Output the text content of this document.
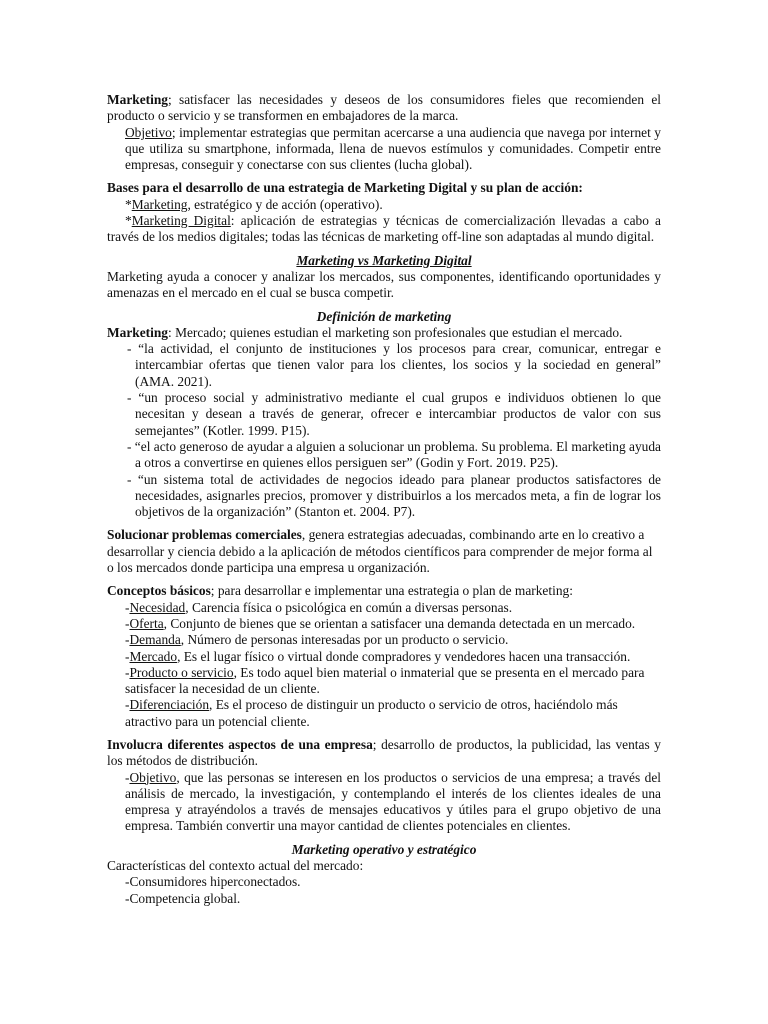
Marketing; satisfacer las necesidades y deseos de los consumidores fieles que recomienden el producto o servicio y se transformen en embajadores de la marca.

Objetivo; implementar estrategias que permitan acercarse a una audiencia que navega por internet y que utiliza su smartphone, informada, llena de nuevos estímulos y comunidades. Competir entre empresas, conseguir y conectarse con sus clientes (lucha global).

Bases para el desarrollo de una estrategia de Marketing Digital y su plan de acción:

*Marketing, estratégico y de acción (operativo).

*Marketing Digital: aplicación de estrategias y técnicas de comercialización llevadas a cabo a través de los medios digitales; todas las técnicas de marketing off-line son adaptadas al mundo digital.

Marketing vs Marketing Digital

Marketing ayuda a conocer y analizar los mercados, sus componentes, identificando oportunidades y amenazas en el mercado en el cual se busca competir.

Definición de marketing

Marketing: Mercado; quienes estudian el marketing son profesionales que estudian el mercado.

- “la actividad, el conjunto de instituciones y los procesos para crear, comunicar, entregar e intercambiar ofertas que tienen valor para los clientes, los socios y la sociedad en general” (AMA. 2021).

- “un proceso social y administrativo mediante el cual grupos e individuos obtienen lo que necesitan y desean a través de generar, ofrecer e intercambiar productos de valor con sus semejantes” (Kotler. 1999. P15).

- “el acto generoso de ayudar a alguien a solucionar un problema. Su problema. El marketing ayuda a otros a convertirse en quienes ellos persiguen ser” (Godin y Fort. 2019. P25).

- “un sistema total de actividades de negocios ideado para planear productos satisfactores de necesidades, asignarles precios, promover y distribuirlos a los mercados meta, a fin de lograr los objetivos de la organización” (Stanton et. 2004. P7).

Solucionar problemas comerciales, genera estrategias adecuadas, combinando arte en lo creativo a desarrollar y ciencia debido a la aplicación de métodos científicos para comprender de mejor forma al o los mercados donde participa una empresa u organización.

Conceptos básicos; para desarrollar e implementar una estrategia o plan de marketing:

-Necesidad, Carencia física o psicológica en común a diversas personas.

-Oferta, Conjunto de bienes que se orientan a satisfacer una demanda detectada en un mercado.

-Demanda, Número de personas interesadas por un producto o servicio.

-Mercado, Es el lugar físico o virtual donde compradores y vendedores hacen una transacción.

-Producto o servicio, Es todo aquel bien material o inmaterial que se presenta en el mercado para satisfacer la necesidad de un cliente.

-Diferenciación, Es el proceso de distinguir un producto o servicio de otros, haciéndolo más atractivo para un potencial cliente.

Involucra diferentes aspectos de una empresa; desarrollo de productos, la publicidad, las ventas y los métodos de distribución.

-Objetivo, que las personas se interesen en los productos o servicios de una empresa; a través del análisis de mercado, la investigación, y contemplando el interés de los clientes ideales de una empresa y atrayéndolos a través de mensajes educativos y útiles para el grupo objetivo de una empresa. También convertir una mayor cantidad de clientes potenciales en clientes.

Marketing operativo y estratégico

Características del contexto actual del mercado:

-Consumidores hiperconectados.

-Competencia global.
